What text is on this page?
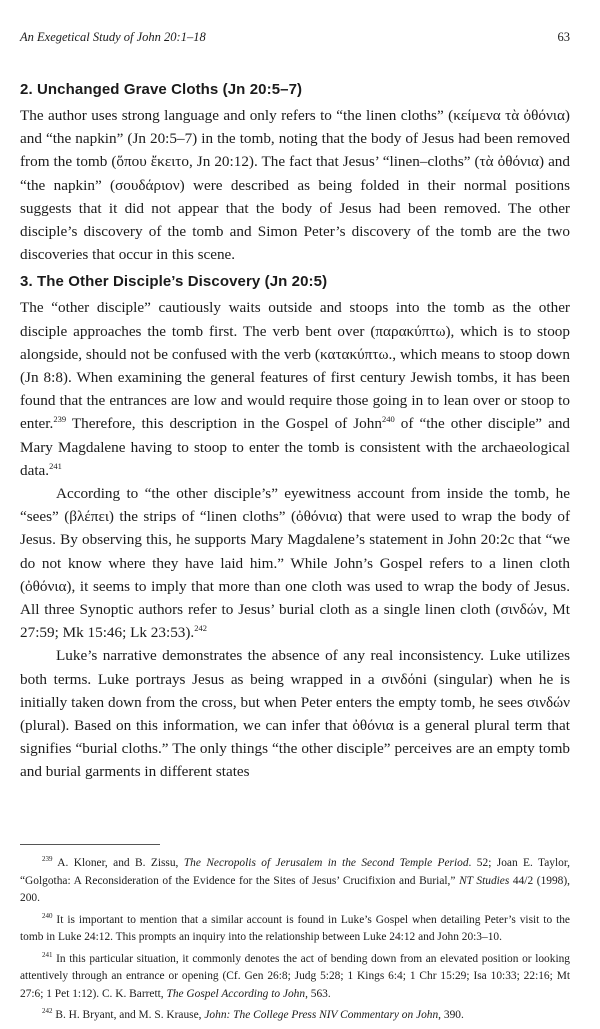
An Exegetical Study of John 20:1–18	63
2. Unchanged Grave Cloths (Jn 20:5–7)

The author uses strong language and only refers to “the linen cloths” (κείμενα τὰ ὀθόνια) and “the napkin” (Jn 20:5–7) in the tomb, noting that the body of Jesus had been removed from the tomb (ὅπου ἔκειτο, Jn 20:12). The fact that Jesus’ “linen–cloths” (τὰ ὀθόνια) and “the napkin” (σουδάριον) were described as being folded in their normal positions suggests that it did not appear that the body of Jesus had been removed. The other disciple’s discovery of the tomb and Simon Peter’s discovery of the tomb are the two discoveries that occur in this scene.

3. The Other Disciple’s Discovery (Jn 20:5)

The “other disciple” cautiously waits outside and stoops into the tomb as the other disciple approaches the tomb first. The verb bent over (παρακύπτω), which is to stoop alongside, should not be confused with the verb (κατακύπτω., which means to stoop down (Jn 8:8). When examining the general features of first century Jewish tombs, it has been found that the entrances are low and would require those going in to lean over or stoop to enter.$^{239}$ Therefore, this description in the Gospel of John$^{240}$ of “the other disciple” and Mary Magdalene having to stoop to enter the tomb is consistent with the archaeological data.$^{241}$

According to “the other disciple’s” eyewitness account from inside the tomb, he “sees” (βλέπει) the strips of “linen cloths” (ὀθόνια) that were used to wrap the body of Jesus. By observing this, he supports Mary Magdalene’s statement in John 20:2c that “we do not know where they have laid him.” While John’s Gospel refers to a linen cloth (ὀθόνια), it seems to imply that more than one cloth was used to wrap the body of Jesus. All three Synoptic authors refer to Jesus’ burial cloth as a single linen cloth (σινδών, Mt 27:59; Mk 15:46; Lk 23:53).$^{242}$

Luke’s narrative demonstrates the absence of any real inconsistency. Luke utilizes both terms. Luke portrays Jesus as being wrapped in a σινδόni (singular) when he is initially taken down from the cross, but when Peter enters the empty tomb, he sees σινδών (plural). Based on this information, we can infer that ὀθόνια is a general plural term that signifies “burial cloths.” The only things “the other disciple” perceives are an empty tomb and burial garments in different states

$^{239}$ A. Kloner, and B. Zissu, The Necropolis of Jerusalem in the Second Temple Period. 52; Joan E. Taylor, “Golgotha: A Reconsideration of the Evidence for the Sites of Jesus’ Crucifixion and Burial,” NT Studies 44/2 (1998), 200.

$^{240}$ It is important to mention that a similar account is found in Luke’s Gospel when detailing Peter’s visit to the tomb in Luke 24:12. This prompts an inquiry into the relationship between Luke 24:12 and John 20:3–10.

$^{241}$ In this particular situation, it commonly denotes the act of bending down from an elevated position or looking attentively through an entrance or opening (Cf. Gen 26:8; Judg 5:28; 1 Kings 6:4; 1 Chr 15:29; Isa 10:33; 22:16; Mt 27:6; 1 Pet 1:12). C. K. Barrett, The Gospel According to John, 563.

$^{242}$ B. H. Bryant, and M. S. Krause, John: The College Press NIV Commentary on John, 390.
